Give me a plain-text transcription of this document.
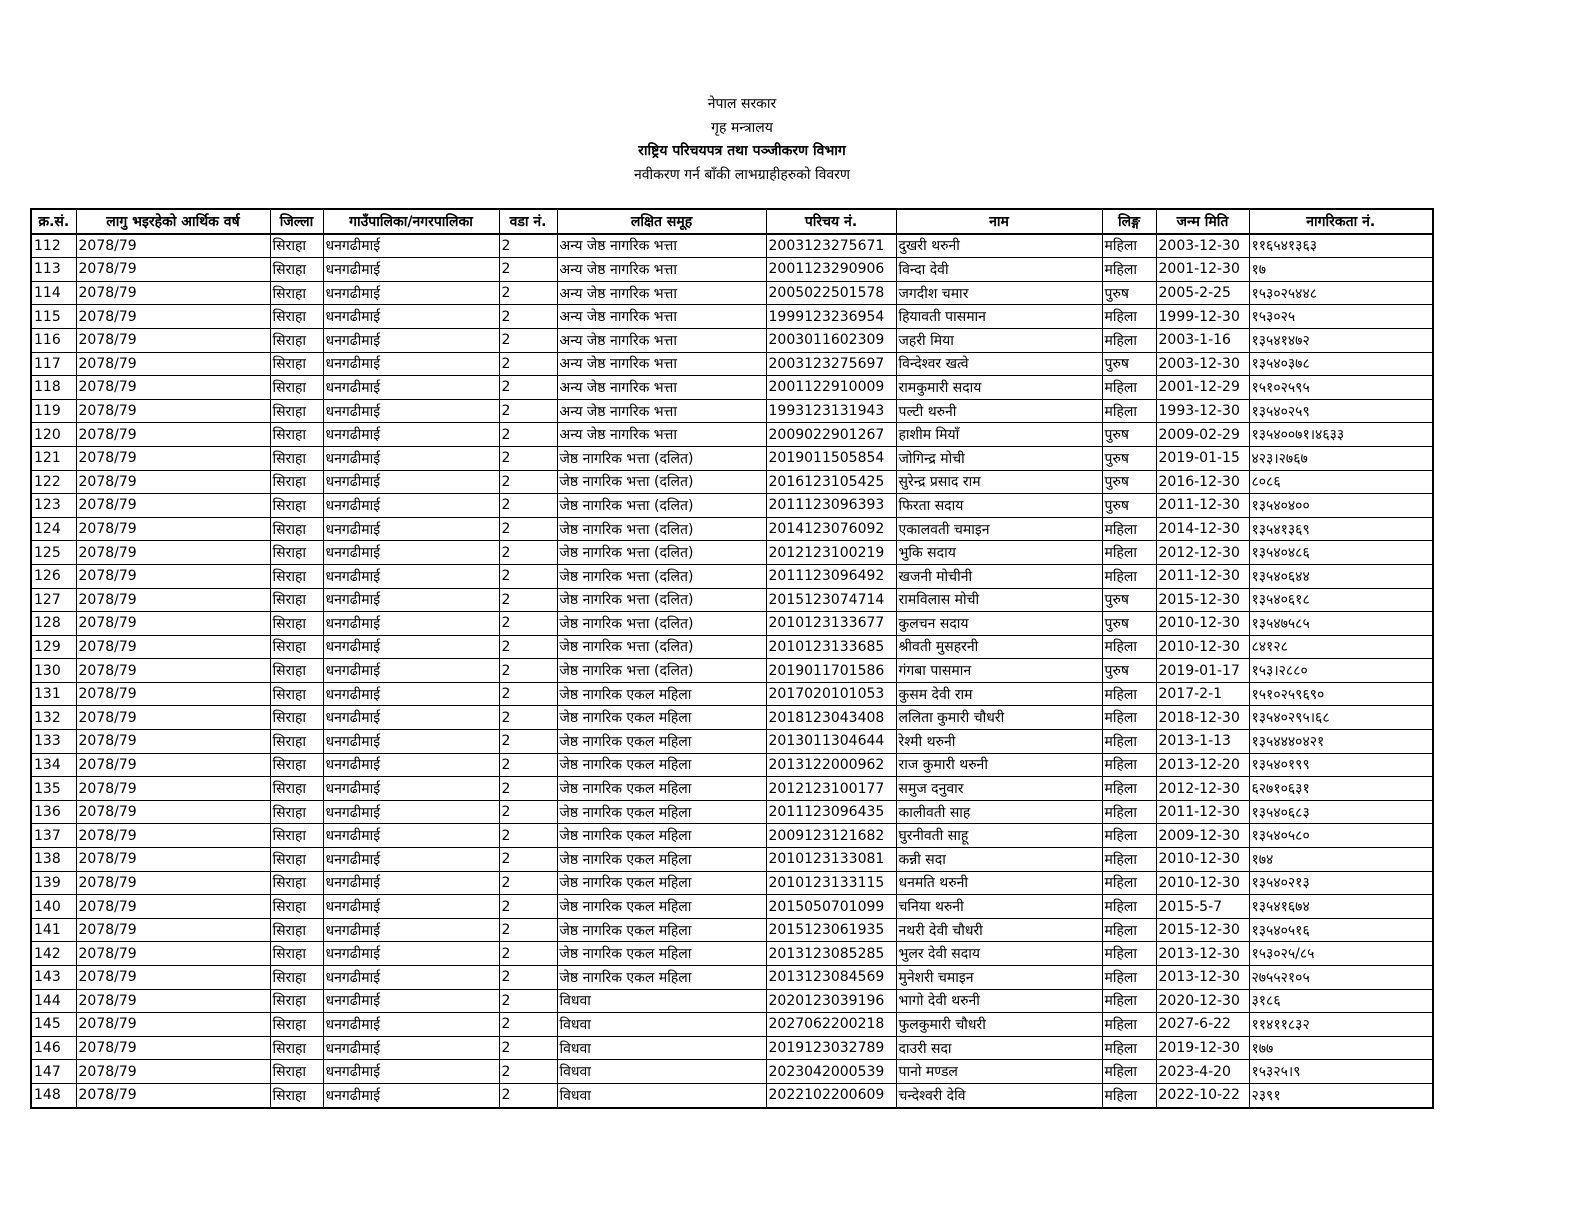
नेपाल सरकार
गृह मन्त्रालय
राष्ट्रिय परिचयपत्र तथा पञ्जीकरण विभाग
नवीकरण गर्न बाँकी लाभग्राहीहरुको विवरण
क्र.सं.	लागु भइरहेको आर्थिक वर्ष	जिल्ला	गाउँपालिका/नगरपालिका	वडा नं.	लक्षित समूह	परिचय नं.	नाम	लिङ्ग	जन्म मिति	नागरिकता नं.
112	2078/79	सिराहा	धनगढीमाई	2	अन्य जेष्ठ नागरिक भत्ता	2003123275671	दुखरी थरुनी	महिला	2003-12-30	११६५४१३६३
113	2078/79	सिराहा	धनगढीमाई	2	अन्य जेष्ठ नागरिक भत्ता	2001123290906	विन्दा देवी	महिला	2001-12-30	१७
114	2078/79	सिराहा	धनगढीमाई	2	अन्य जेष्ठ नागरिक भत्ता	2005022501578	जगदीश चमार	पुरुष	2005-2-25	१५३०२५४४८
115	2078/79	सिराहा	धनगढीमाई	2	अन्य जेष्ठ नागरिक भत्ता	1999123236954	हियावती पासमान	महिला	1999-12-30	१५३०२५
116	2078/79	सिराहा	धनगढीमाई	2	अन्य जेष्ठ नागरिक भत्ता	2003011602309	जहरी मिया	महिला	2003-1-16	१३५४१४७२
117	2078/79	सिराहा	धनगढीमाई	2	अन्य जेष्ठ नागरिक भत्ता	2003123275697	विन्देश्वर खत्वे	पुरुष	2003-12-30	१३५४०३७८
118	2078/79	सिराहा	धनगढीमाई	2	अन्य जेष्ठ नागरिक भत्ता	2001122910009	रामकुमारी सदाय	महिला	2001-12-29	१५१०२५९५
119	2078/79	सिराहा	धनगढीमाई	2	अन्य जेष्ठ नागरिक भत्ता	1993123131943	पल्टी थरुनी	महिला	1993-12-30	१३५४०२५९
120	2078/79	सिराहा	धनगढीमाई	2	अन्य जेष्ठ नागरिक भत्ता	2009022901267	हाशीम मियाँ	पुरुष	2009-02-29	१३५४००७१।४६३३
121	2078/79	सिराहा	धनगढीमाई	2	जेष्ठ नागरिक भत्ता (दलित)	2019011505854	जोगिन्द्र मोची	पुरुष	2019-01-15	४२३।२७६७
122	2078/79	सिराहा	धनगढीमाई	2	जेष्ठ नागरिक भत्ता (दलित)	2016123105425	सुरेन्द्र प्रसाद राम	पुरुष	2016-12-30	८०८६
123	2078/79	सिराहा	धनगढीमाई	2	जेष्ठ नागरिक भत्ता (दलित)	2011123096393	फिरता सदाय	पुरुष	2011-12-30	१३५४०४००
124	2078/79	सिराहा	धनगढीमाई	2	जेष्ठ नागरिक भत्ता (दलित)	2014123076092	एकालवती चमाइन	महिला	2014-12-30	१३५४१३६९
125	2078/79	सिराहा	धनगढीमाई	2	जेष्ठ नागरिक भत्ता (दलित)	2012123100219	भुकि सदाय	महिला	2012-12-30	१३५४०४८६
126	2078/79	सिराहा	धनगढीमाई	2	जेष्ठ नागरिक भत्ता (दलित)	2011123096492	खजनी मोचीनी	महिला	2011-12-30	१३५४०६४४
127	2078/79	सिराहा	धनगढीमाई	2	जेष्ठ नागरिक भत्ता (दलित)	2015123074714	रामविलास मोची	पुरुष	2015-12-30	१३५४०६१८
128	2078/79	सिराहा	धनगढीमाई	2	जेष्ठ नागरिक भत्ता (दलित)	2010123133677	कुलचन सदाय	पुरुष	2010-12-30	१३५४७५८५
129	2078/79	सिराहा	धनगढीमाई	2	जेष्ठ नागरिक भत्ता (दलित)	2010123133685	श्रीवती मुसहरनी	महिला	2010-12-30	८४१२८
130	2078/79	सिराहा	धनगढीमाई	2	जेष्ठ नागरिक भत्ता (दलित)	2019011701586	गंगबा पासमान	पुरुष	2019-01-17	१५३।२८८०
131	2078/79	सिराहा	धनगढीमाई	2	जेष्ठ नागरिक एकल महिला	2017020101053	कुसम देवी राम	महिला	2017-2-1	१५१०२५९६९०
132	2078/79	सिराहा	धनगढीमाई	2	जेष्ठ नागरिक एकल महिला	2018123043408	ललिता कुमारी चौधरी	महिला	2018-12-30	१३५४०२९५।६८
133	2078/79	सिराहा	धनगढीमाई	2	जेष्ठ नागरिक एकल महिला	2013011304644	रेश्मी थरुनी	महिला	2013-1-13	१३५४४४०४२१
134	2078/79	सिराहा	धनगढीमाई	2	जेष्ठ नागरिक एकल महिला	2013122000962	राज कुमारी थरुनी	महिला	2013-12-20	१३५४०१९९
135	2078/79	सिराहा	धनगढीमाई	2	जेष्ठ नागरिक एकल महिला	2012123100177	समुज दनुवार	महिला	2012-12-30	६२७१०६३१
136	2078/79	सिराहा	धनगढीमाई	2	जेष्ठ नागरिक एकल महिला	2011123096435	कालीवती साह	महिला	2011-12-30	१३५४०६८३
137	2078/79	सिराहा	धनगढीमाई	2	जेष्ठ नागरिक एकल महिला	2009123121682	घुरनीवती साहू	महिला	2009-12-30	१३५४०५८०
138	2078/79	सिराहा	धनगढीमाई	2	जेष्ठ नागरिक एकल महिला	2010123133081	कन्नी सदा	महिला	2010-12-30	१७४
139	2078/79	सिराहा	धनगढीमाई	2	जेष्ठ नागरिक एकल महिला	2010123133115	धनमति थरुनी	महिला	2010-12-30	१३५४०२१३
140	2078/79	सिराहा	धनगढीमाई	2	जेष्ठ नागरिक एकल महिला	2015050701099	चनिया थरुनी	महिला	2015-5-7	१३५४१६७४
141	2078/79	सिराहा	धनगढीमाई	2	जेष्ठ नागरिक एकल महिला	2015123061935	नथरी देवी चौधरी	महिला	2015-12-30	१३५४०५१६
142	2078/79	सिराहा	धनगढीमाई	2	जेष्ठ नागरिक एकल महिला	2013123085285	भुलर देवी सदाय	महिला	2013-12-30	१५३०२५/८५
143	2078/79	सिराहा	धनगढीमाई	2	जेष्ठ नागरिक एकल महिला	2013123084569	मुनेशरी चमाइन	महिला	2013-12-30	२७५५२१०५
144	2078/79	सिराहा	धनगढीमाई	2	विधवा	2020123039196	भागो देवी थरुनी	महिला	2020-12-30	३१८६
145	2078/79	सिराहा	धनगढीमाई	2	विधवा	2027062200218	फुलकुमारी चौधरी	महिला	2027-6-22	११४११८३२
146	2078/79	सिराहा	धनगढीमाई	2	विधवा	2019123032789	दाउरी सदा	महिला	2019-12-30	१७७
147	2078/79	सिराहा	धनगढीमाई	2	विधवा	2023042000539	पानो मण्डल	महिला	2023-4-20	१५३२५।९
148	2078/79	सिराहा	धनगढीमाई	2	विधवा	2022102200609	चन्देश्वरी देवि	महिला	2022-10-22	२३९१
